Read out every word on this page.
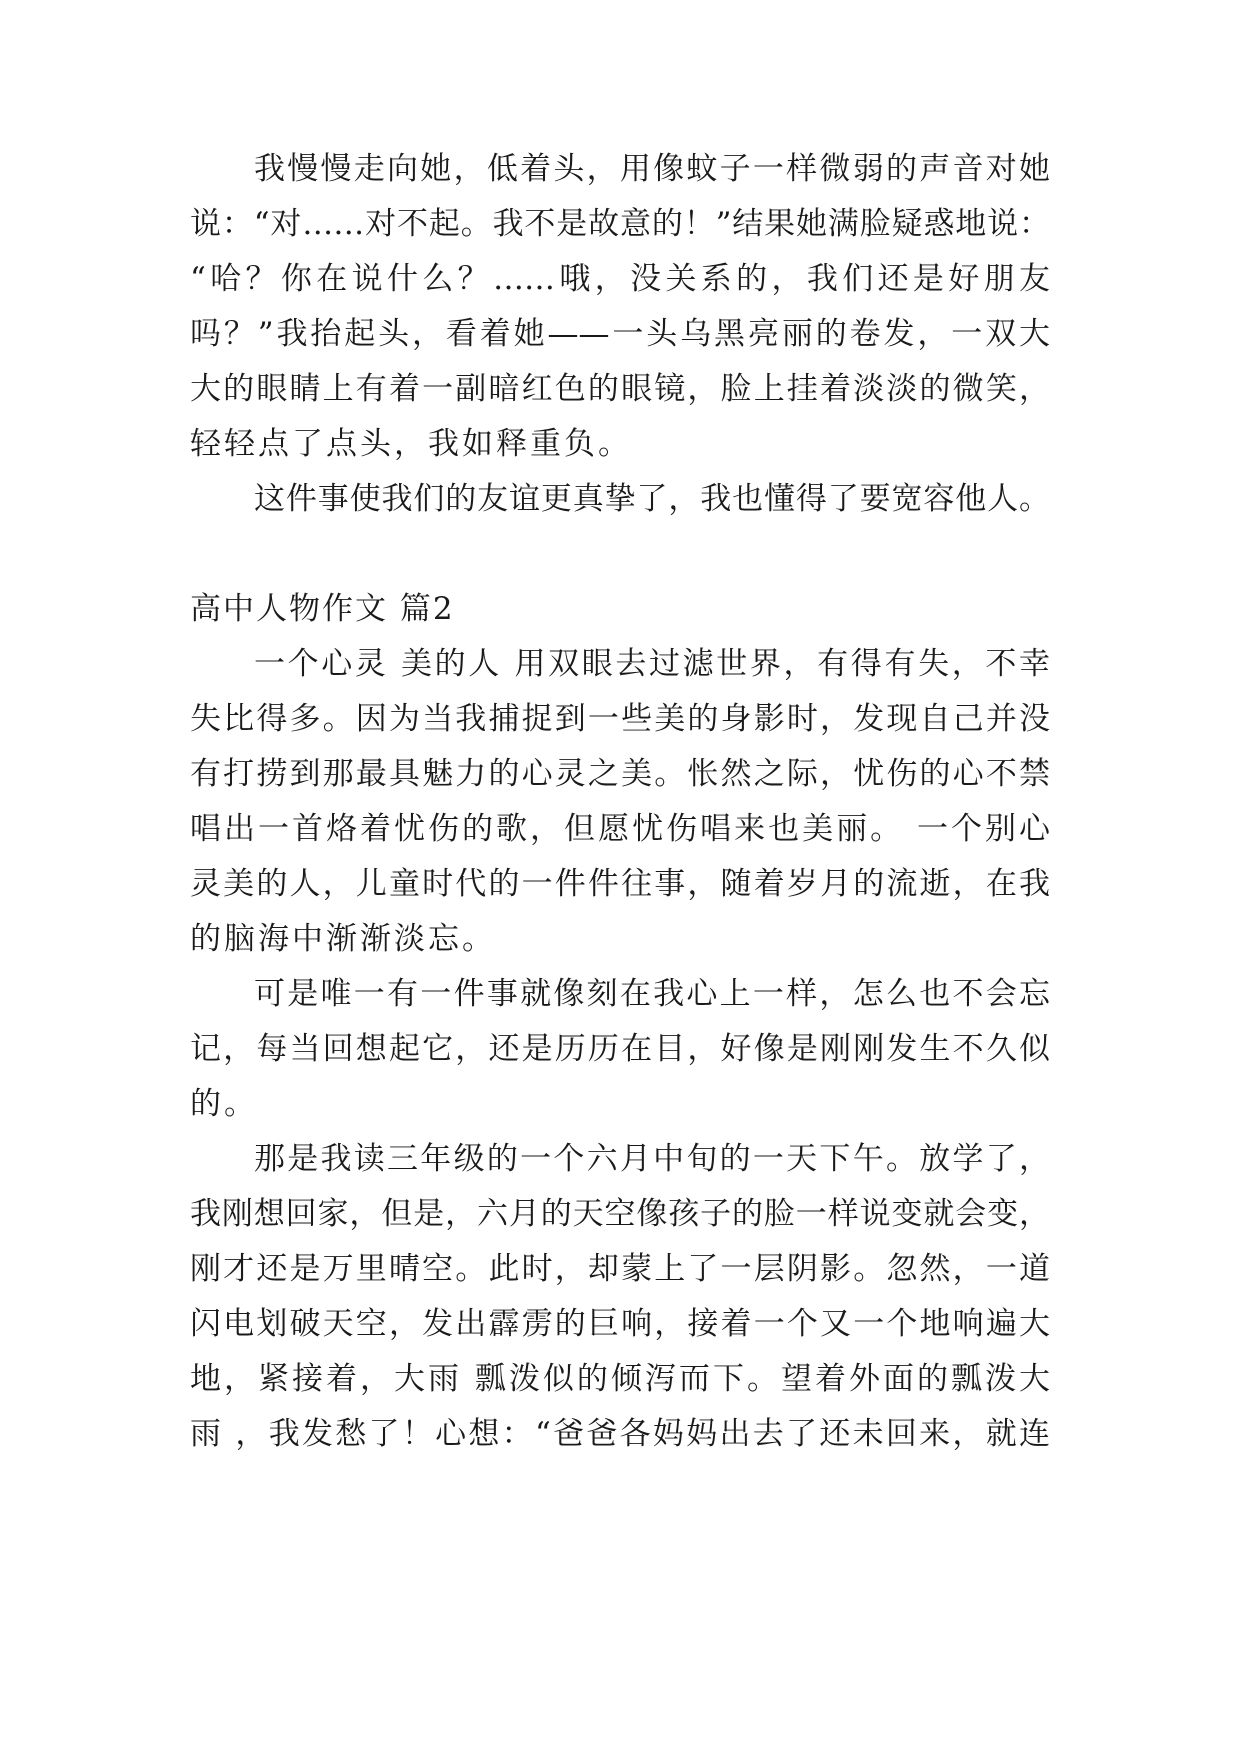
我慢慢走向她，低着头，用像蚊子一样微弱的声音对她
说：“对……对不起。我不是故意的！”结果她满脸疑惑地说：
“哈？你在说什么？……哦，没关系的，我们还是好朋友
吗？”我抬起头，看着她——一头乌黑亮丽的卷发，一双大
大的眼睛上有着一副暗红色的眼镜，脸上挂着淡淡的微笑，
轻轻点了点头，我如释重负。
这件事使我们的友谊更真挚了，我也懂得了要宽容他人。
高中人物作文 篇2
一个心灵 美的人 用双眼去过滤世界，有得有失，不幸
失比得多。因为当我捕捉到一些美的身影时，发现自己并没
有打捞到那最具魅力的心灵之美。怅然之际，忧伤的心不禁
唱出一首烙着忧伤的歌，但愿忧伤唱来也美丽。 一个别心
灵美的人，儿童时代的一件件往事，随着岁月的流逝，在我
的脑海中渐渐淡忘。
可是唯一有一件事就像刻在我心上一样，怎么也不会忘
记，每当回想起它，还是历历在目，好像是刚刚发生不久似
的。
那是我读三年级的一个六月中旬的一天下午。放学了，
我刚想回家，但是，六月的天空像孩子的脸一样说变就会变，
刚才还是万里晴空。此时，却蒙上了一层阴影。忽然，一道
闪电划破天空，发出霹雳的巨响，接着一个又一个地响遍大
地，紧接着，大雨 瓢泼似的倾泻而下。望着外面的瓢泼大
雨 ，我发愁了！心想：“爸爸各妈妈出去了还未回来，就连
